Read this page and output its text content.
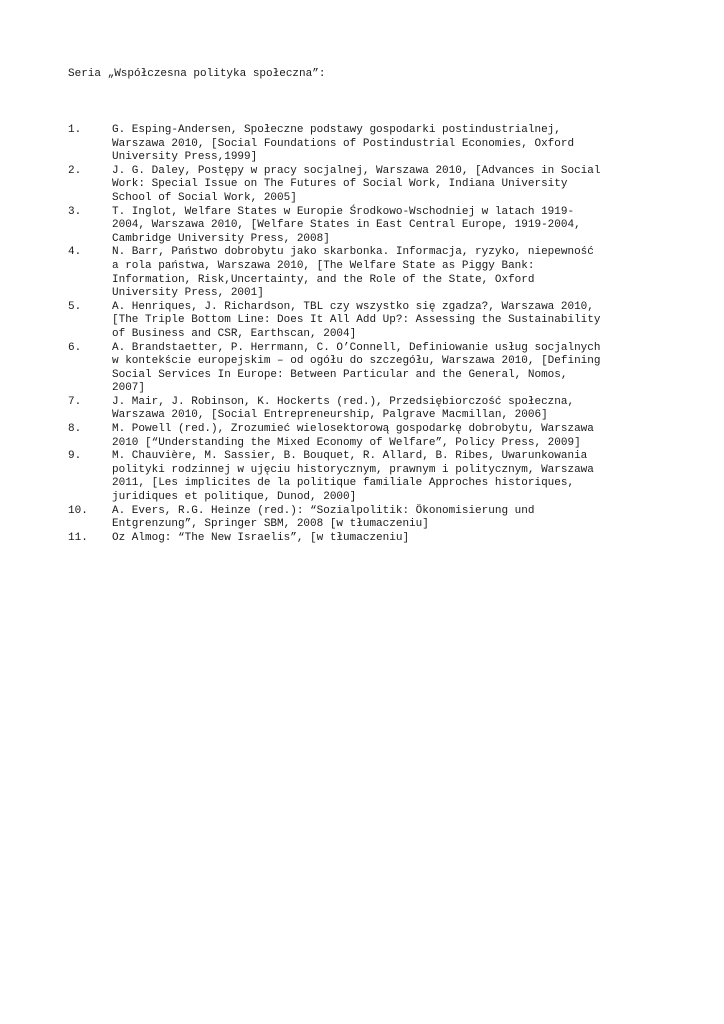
Seria „Współczesna polityka społeczna”:

1.	G. Esping-Andersen, Społeczne podstawy gospodarki postindustrialnej,
Warszawa 2010, [Social Foundations of Postindustrial Economies, Oxford
University Press,1999]
2.	J. G. Daley, Postępy w pracy socjalnej, Warszawa 2010, [Advances in Social
Work: Special Issue on The Futures of Social Work, Indiana University
School of Social Work, 2005]
3.	T. Inglot, Welfare States w Europie Środkowo-Wschodniej w latach 1919-
2004, Warszawa 2010, [Welfare States in East Central Europe, 1919-2004,
Cambridge University Press, 2008]
4.	N. Barr, Państwo dobrobytu jako skarbonka. Informacja, ryzyko, niepewność
a rola państwa, Warszawa 2010, [The Welfare State as Piggy Bank:
Information, Risk,Uncertainty, and the Role of the State, Oxford
University Press, 2001]
5.	A. Henriques, J. Richardson, TBL czy wszystko się zgadza?, Warszawa 2010,
[The Triple Bottom Line: Does It All Add Up?: Assessing the Sustainability
of Business and CSR, Earthscan, 2004]
6.	A. Brandstaetter, P. Herrmann, C. O’Connell, Definiowanie usług socjalnych
w kontekście europejskim – od ogółu do szczegółu, Warszawa 2010, [Defining
Social Services In Europe: Between Particular and the General, Nomos,
2007]
7.	J. Mair, J. Robinson, K. Hockerts (red.), Przedsiębiorczość społeczna,
Warszawa 2010, [Social Entrepreneurship, Palgrave Macmillan, 2006]
8.	M. Powell (red.), Zrozumieć wielosektorową gospodarkę dobrobytu, Warszawa
2010 [“Understanding the Mixed Economy of Welfare”, Policy Press, 2009]
9.	M. Chauvière, M. Sassier, B. Bouquet, R. Allard, B. Ribes, Uwarunkowania
polityki rodzinnej w ujęciu historycznym, prawnym i politycznym, Warszawa
2011, [Les implicites de la politique familiale Approches historiques,
juridiques et politique, Dunod, 2000]
10.	A. Evers, R.G. Heinze (red.): “Sozialpolitik: Ökonomisierung und
Entgrenzung”, Springer SBM, 2008 [w tłumaczeniu]
11.	Oz Almog: “The New Israelis”, [w tłumaczeniu]
